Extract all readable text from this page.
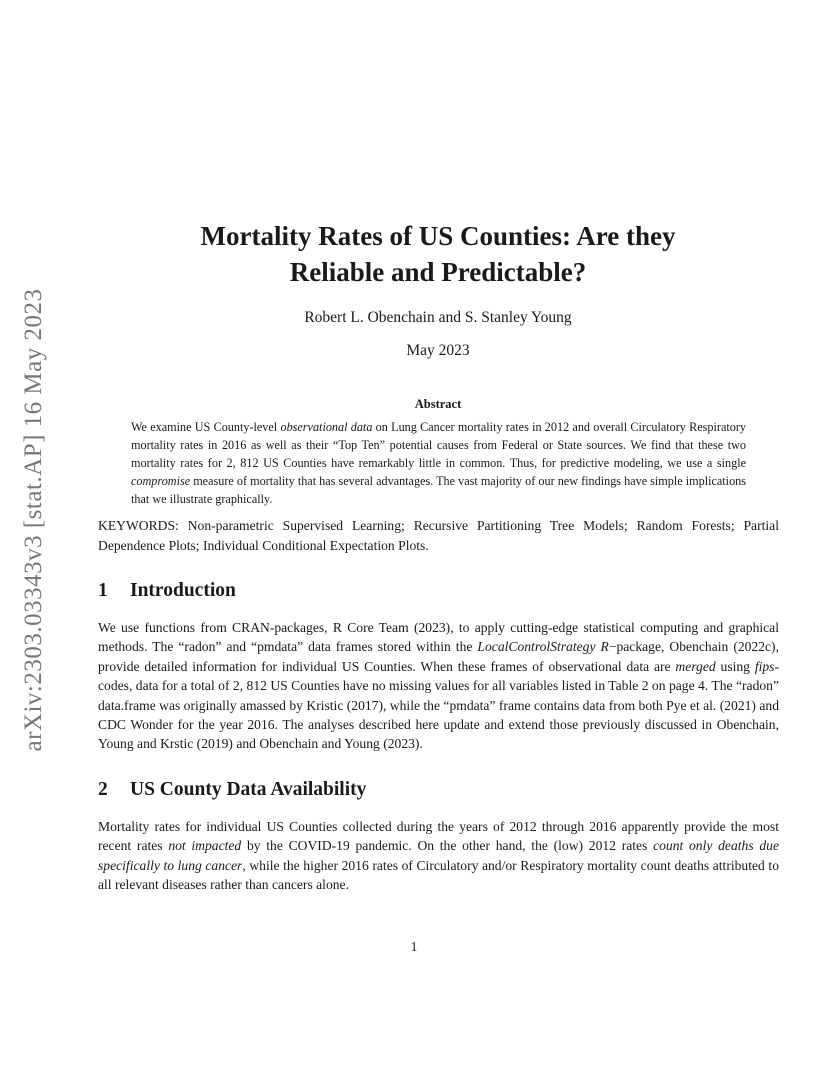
arXiv:2303.03343v3 [stat.AP] 16 May 2023
Mortality Rates of US Counties: Are they
Reliable and Predictable?
Robert L. Obenchain and S. Stanley Young
May 2023
Abstract

We examine US County-level observational data on Lung Cancer mortality rates in 2012 and overall Circulatory Respiratory mortality rates in 2016 as well as their “Top Ten” potential causes from Federal or State sources. We find that these two mortality rates for 2, 812 US Counties have remarkably little in common. Thus, for predictive modeling, we use a single compromise measure of mortality that has several advantages. The vast majority of our new findings have simple implications that we illustrate graphically.

KEYWORDS: Non-parametric Supervised Learning; Recursive Partitioning Tree Models; Random Forests; Partial Dependence Plots; Individual Conditional Expectation Plots.

1 Introduction

We use functions from CRAN-packages, R Core Team (2023), to apply cutting-edge statistical computing and graphical methods. The “radon” and “pmdata” data frames stored within the LocalControlStrategy R−package, Obenchain (2022c), provide detailed information for individual US Counties. When these frames of observational data are merged using fips-codes, data for a total of 2, 812 US Counties have no missing values for all variables listed in Table 2 on page 4. The “radon” data.frame was originally amassed by Kristic (2017), while the “pmdata” frame contains data from both Pye et al. (2021) and CDC Wonder for the year 2016. The analyses described here update and extend those previously discussed in Obenchain, Young and Krstic (2019) and Obenchain and Young (2023).

2 US County Data Availability

Mortality rates for individual US Counties collected during the years of 2012 through 2016 apparently provide the most recent rates not impacted by the COVID-19 pandemic. On the other hand, the (low) 2012 rates count only deaths due specifically to lung cancer, while the higher 2016 rates of Circulatory and/or Respiratory mortality count deaths attributed to all relevant diseases rather than cancers alone.

1
